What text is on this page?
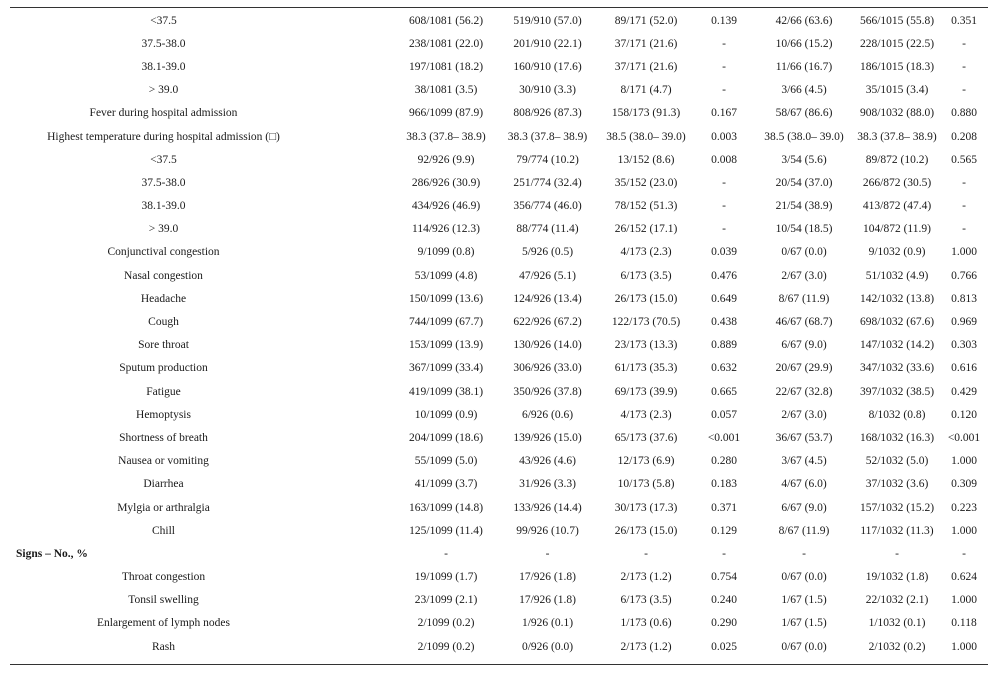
<37.5	608/1081 (56.2)	519/910 (57.0)	89/171 (52.0)	0.139	42/66 (63.6)	566/1015 (55.8)	0.351
37.5-38.0	238/1081 (22.0)	201/910 (22.1)	37/171 (21.6)	-	10/66 (15.2)	228/1015 (22.5)	-
38.1-39.0	197/1081 (18.2)	160/910 (17.6)	37/171 (21.6)	-	11/66 (16.7)	186/1015 (18.3)	-
> 39.0	38/1081 (3.5)	30/910 (3.3)	8/171 (4.7)	-	3/66 (4.5)	35/1015 (3.4)	-
Fever during hospital admission	966/1099 (87.9)	808/926 (87.3)	158/173 (91.3)	0.167	58/67 (86.6)	908/1032 (88.0)	0.880
Highest temperature during hospital admission (□)	38.3 (37.8– 38.9)	38.3 (37.8– 38.9)	38.5 (38.0– 39.0)	0.003	38.5 (38.0– 39.0)	38.3 (37.8– 38.9)	0.208
<37.5	92/926 (9.9)	79/774 (10.2)	13/152 (8.6)	0.008	3/54 (5.6)	89/872 (10.2)	0.565
37.5-38.0	286/926 (30.9)	251/774 (32.4)	35/152 (23.0)	-	20/54 (37.0)	266/872 (30.5)	-
38.1-39.0	434/926 (46.9)	356/774 (46.0)	78/152 (51.3)	-	21/54 (38.9)	413/872 (47.4)	-
> 39.0	114/926 (12.3)	88/774 (11.4)	26/152 (17.1)	-	10/54 (18.5)	104/872 (11.9)	-
Conjunctival congestion	9/1099 (0.8)	5/926 (0.5)	4/173 (2.3)	0.039	0/67 (0.0)	9/1032 (0.9)	1.000
Nasal congestion	53/1099 (4.8)	47/926 (5.1)	6/173 (3.5)	0.476	2/67 (3.0)	51/1032 (4.9)	0.766
Headache	150/1099 (13.6)	124/926 (13.4)	26/173 (15.0)	0.649	8/67 (11.9)	142/1032 (13.8)	0.813
Cough	744/1099 (67.7)	622/926 (67.2)	122/173 (70.5)	0.438	46/67 (68.7)	698/1032 (67.6)	0.969
Sore throat	153/1099 (13.9)	130/926 (14.0)	23/173 (13.3)	0.889	6/67 (9.0)	147/1032 (14.2)	0.303
Sputum production	367/1099 (33.4)	306/926 (33.0)	61/173 (35.3)	0.632	20/67 (29.9)	347/1032 (33.6)	0.616
Fatigue	419/1099 (38.1)	350/926 (37.8)	69/173 (39.9)	0.665	22/67 (32.8)	397/1032 (38.5)	0.429
Hemoptysis	10/1099 (0.9)	6/926 (0.6)	4/173 (2.3)	0.057	2/67 (3.0)	8/1032 (0.8)	0.120
Shortness of breath	204/1099 (18.6)	139/926 (15.0)	65/173 (37.6)	<0.001	36/67 (53.7)	168/1032 (16.3)	<0.001
Nausea or vomiting	55/1099 (5.0)	43/926 (4.6)	12/173 (6.9)	0.280	3/67 (4.5)	52/1032 (5.0)	1.000
Diarrhea	41/1099 (3.7)	31/926 (3.3)	10/173 (5.8)	0.183	4/67 (6.0)	37/1032 (3.6)	0.309
Mylgia or arthralgia	163/1099 (14.8)	133/926 (14.4)	30/173 (17.3)	0.371	6/67 (9.0)	157/1032 (15.2)	0.223
Chill	125/1099 (11.4)	99/926 (10.7)	26/173 (15.0)	0.129	8/67 (11.9)	117/1032 (11.3)	1.000
Signs – No., %	-	-	-	-	-	-	-
Throat congestion	19/1099 (1.7)	17/926 (1.8)	2/173 (1.2)	0.754	0/67 (0.0)	19/1032 (1.8)	0.624
Tonsil swelling	23/1099 (2.1)	17/926 (1.8)	6/173 (3.5)	0.240	1/67 (1.5)	22/1032 (2.1)	1.000
Enlargement of lymph nodes	2/1099 (0.2)	1/926 (0.1)	1/173 (0.6)	0.290	1/67 (1.5)	1/1032 (0.1)	0.118
Rash	2/1099 (0.2)	0/926 (0.0)	2/173 (1.2)	0.025	0/67 (0.0)	2/1032 (0.2)	1.000
